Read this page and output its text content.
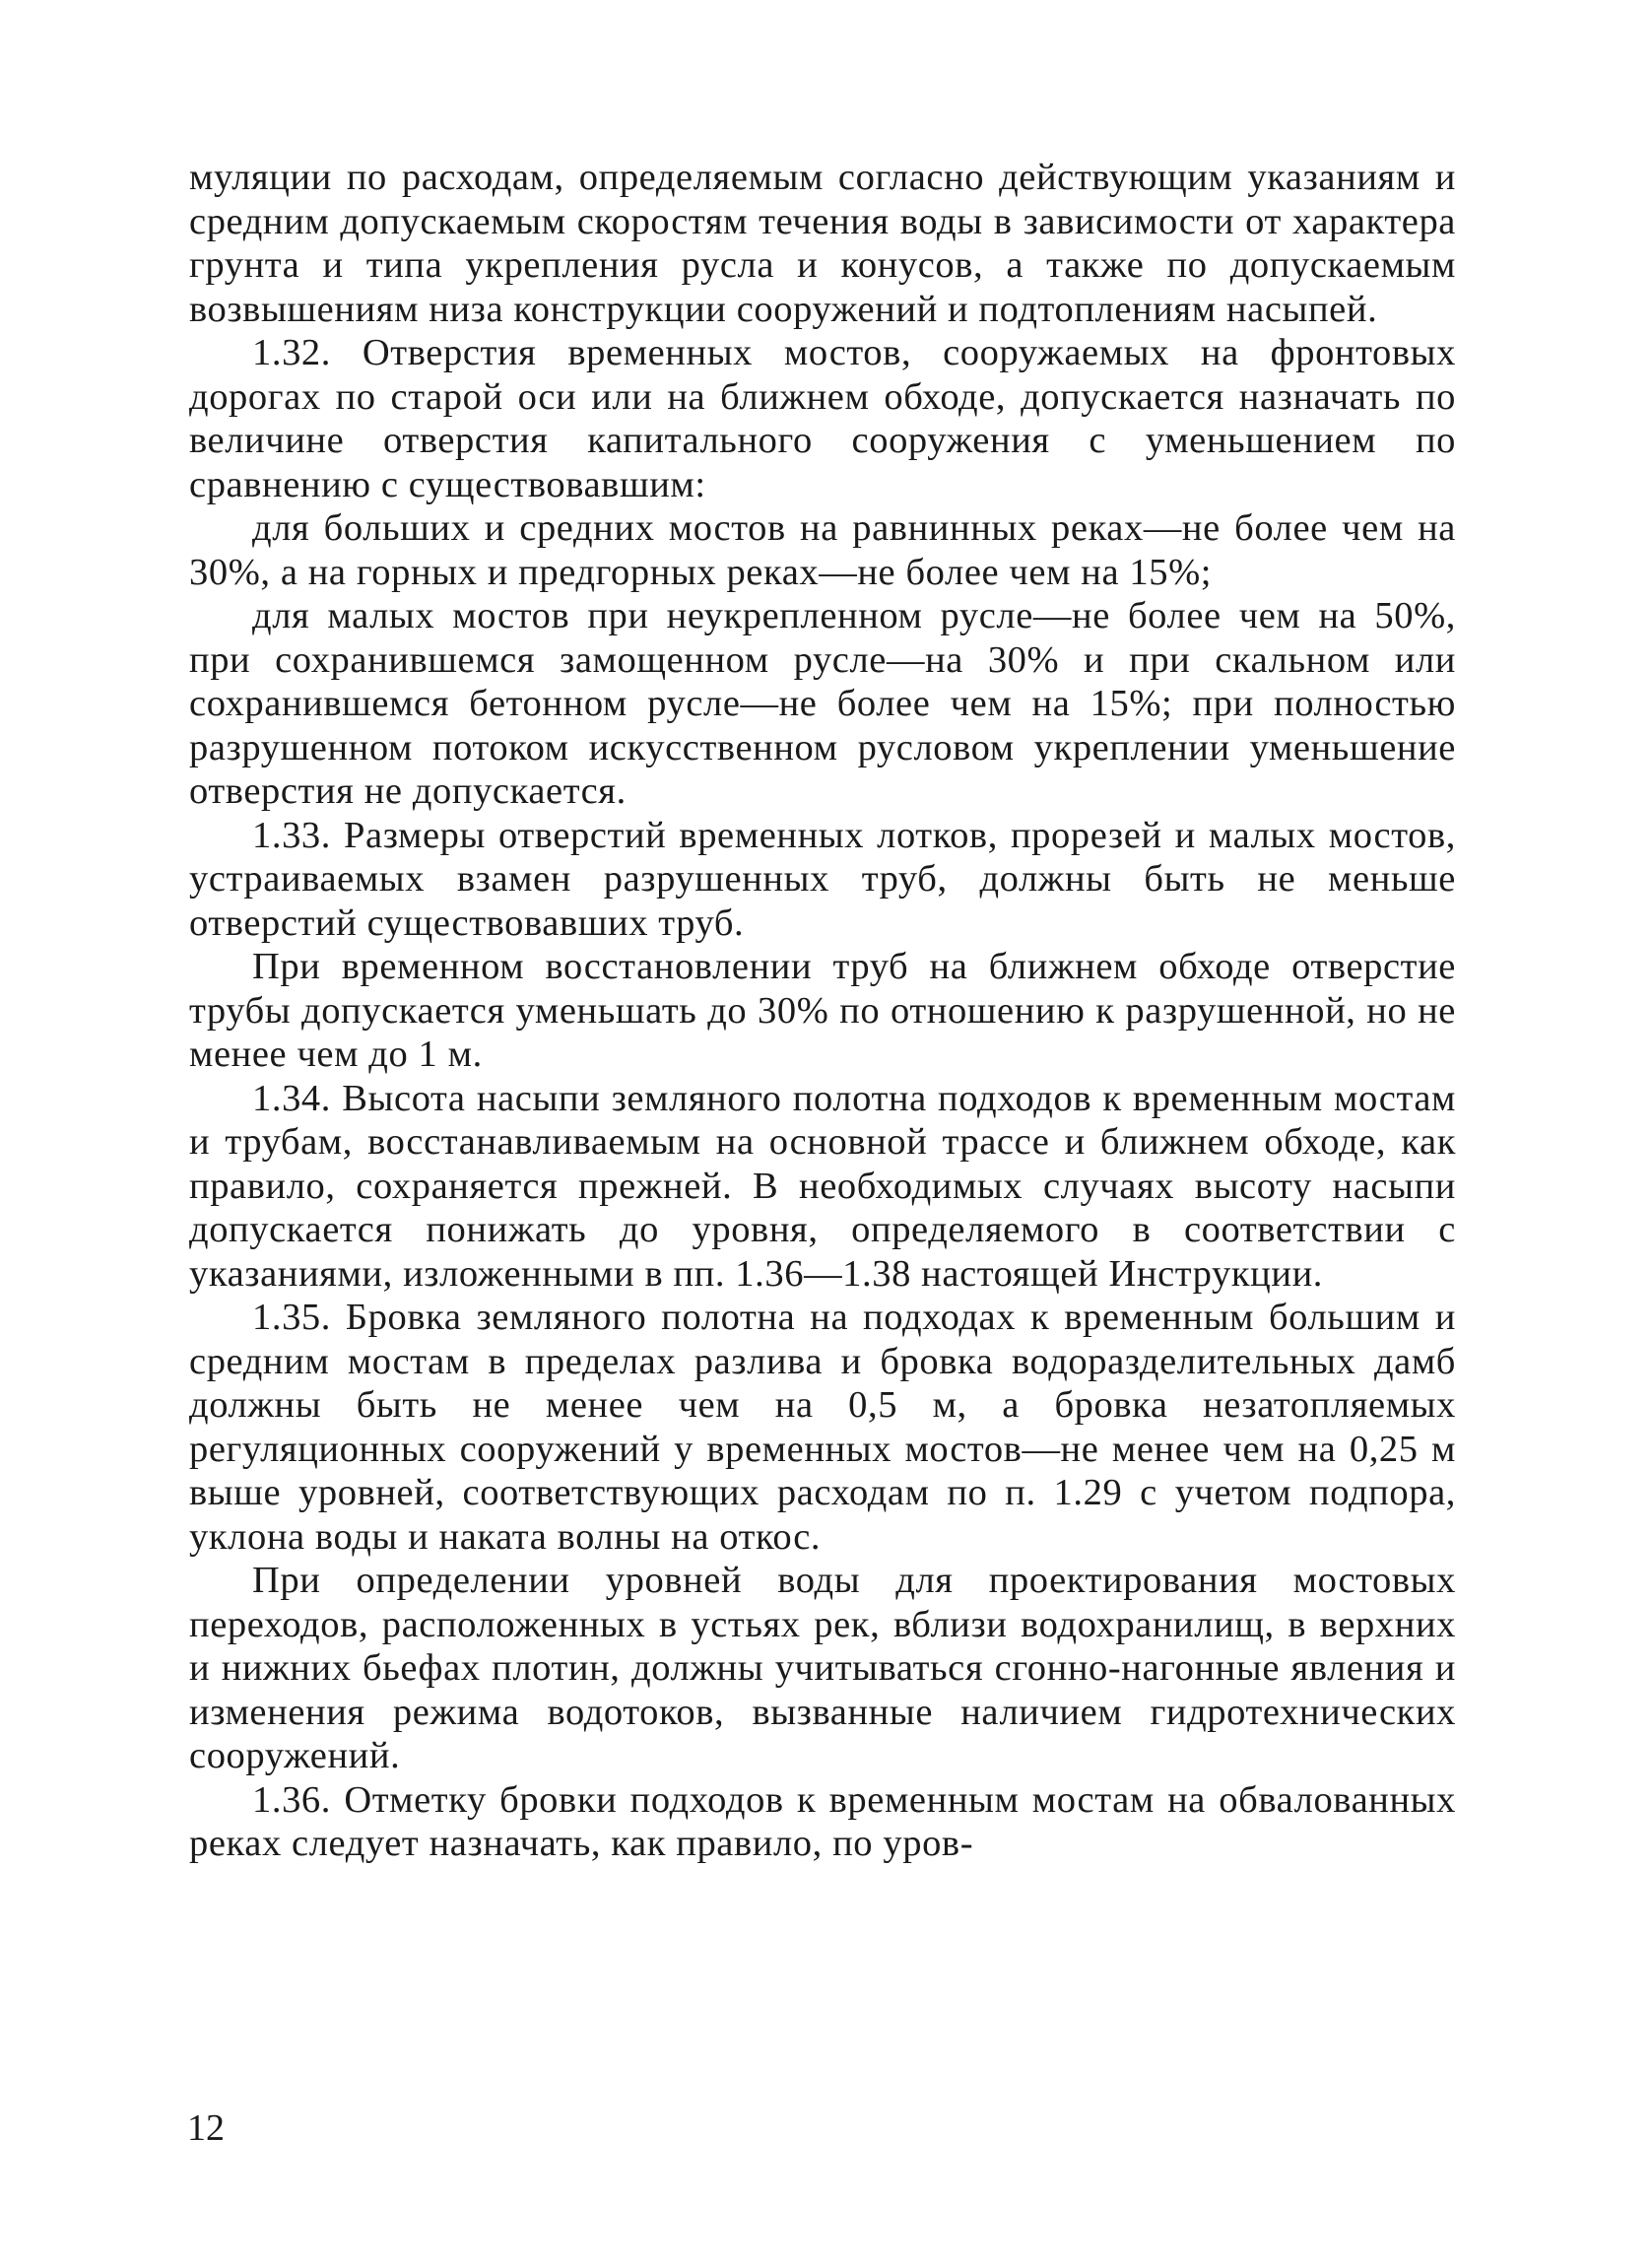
муляции по расходам, определяемым согласно действующим указаниям и средним допускаемым скоростям течения воды в зависимости от характера грунта и типа укрепления русла и конусов, а также по допускаемым возвышениям низа конструкции сооружений и подтоплениям насыпей.

1.32. Отверстия временных мостов, сооружаемых на фронтовых дорогах по старой оси или на ближнем обходе, допускается назначать по величине отверстия капитального сооружения с уменьшением по сравнению с существовавшим:

для больших и средних мостов на равнинных реках—не более чем на 30%, а на горных и предгорных реках—не более чем на 15%;

для малых мостов при неукрепленном русле—не более чем на 50%, при сохранившемся замощенном русле—на 30% и при скальном или сохранившемся бетонном русле—не более чем на 15%; при полностью разрушенном потоком искусственном русловом укреплении уменьшение отверстия не допускается.

1.33. Размеры отверстий временных лотков, прорезей и малых мостов, устраиваемых взамен разрушенных труб, должны быть не меньше отверстий существовавших труб.

При временном восстановлении труб на ближнем обходе отверстие трубы допускается уменьшать до 30% по отношению к разрушенной, но не менее чем до 1 м.

1.34. Высота насыпи земляного полотна подходов к временным мостам и трубам, восстанавливаемым на основной трассе и ближнем обходе, как правило, сохраняется прежней. В необходимых случаях высоту насыпи допускается понижать до уровня, определяемого в соответствии с указаниями, изложенными в пп. 1.36—1.38 настоящей Инструкции.

1.35. Бровка земляного полотна на подходах к временным большим и средним мостам в пределах разлива и бровка водоразделительных дамб должны быть не менее чем на 0,5 м, а бровка незатопляемых регуляционных сооружений у временных мостов—не менее чем на 0,25 м выше уровней, соответствующих расходам по п. 1.29 с учетом подпора, уклона воды и наката волны на откос.

При определении уровней воды для проектирования мостовых переходов, расположенных в устьях рек, вблизи водохранилищ, в верхних и нижних бьефах плотин, должны учитываться сгонно-нагонные явления и изменения режима водотоков, вызванные наличием гидротехнических сооружений.

1.36. Отметку бровки подходов к временным мостам на обвалованных реках следует назначать, как правило, по уров-

12
